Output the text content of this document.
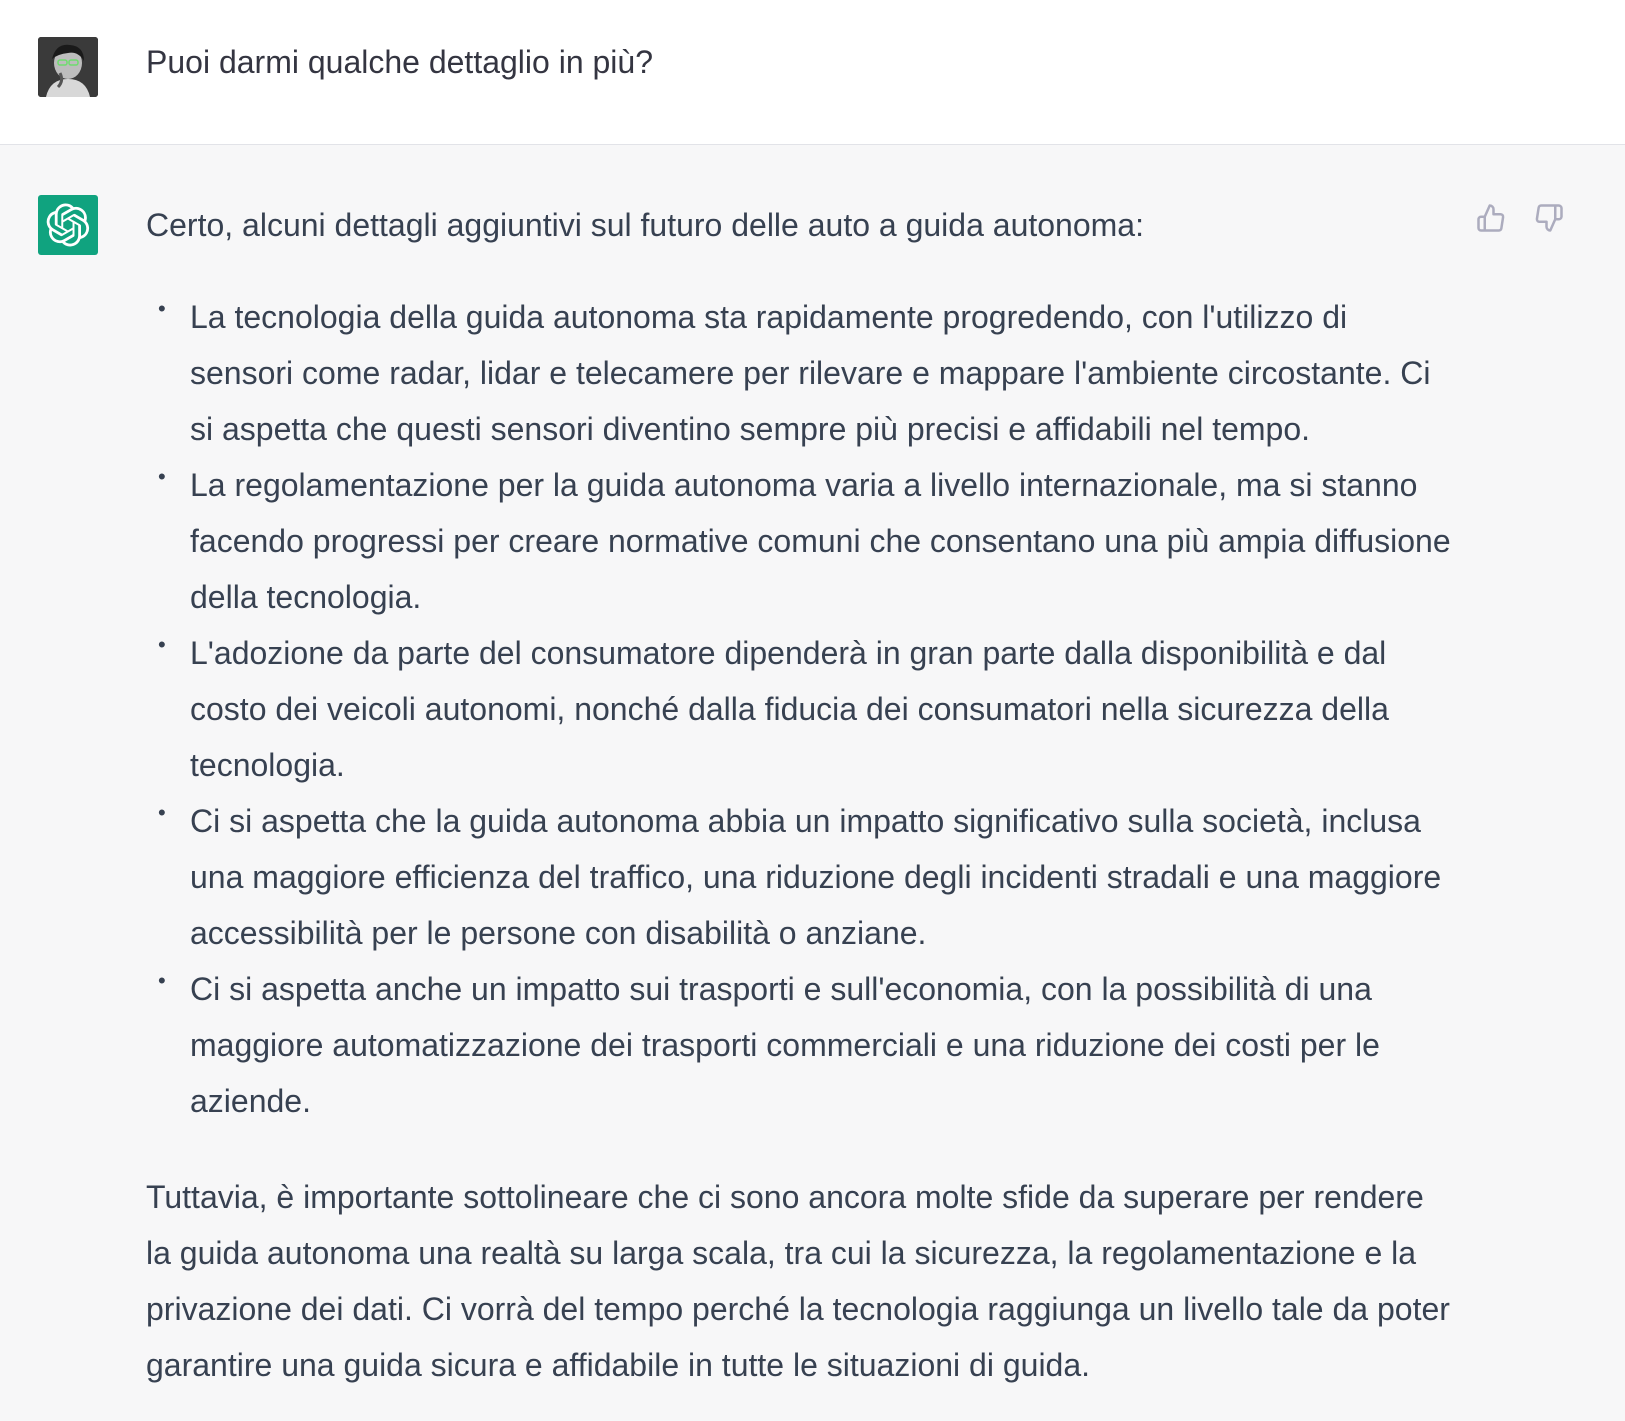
Puoi darmi qualche dettaglio in più?

Certo, alcuni dettagli aggiuntivi sul futuro delle auto a guida autonoma:

• La tecnologia della guida autonoma sta rapidamente progredendo, con l'utilizzo di sensori come radar, lidar e telecamere per rilevare e mappare l'ambiente circostante. Ci si aspetta che questi sensori diventino sempre più precisi e affidabili nel tempo.
• La regolamentazione per la guida autonoma varia a livello internazionale, ma si stanno facendo progressi per creare normative comuni che consentano una più ampia diffusione della tecnologia.
• L'adozione da parte del consumatore dipenderà in gran parte dalla disponibilità e dal costo dei veicoli autonomi, nonché dalla fiducia dei consumatori nella sicurezza della tecnologia.
• Ci si aspetta che la guida autonoma abbia un impatto significativo sulla società, inclusa una maggiore efficienza del traffico, una riduzione degli incidenti stradali e una maggiore accessibilità per le persone con disabilità o anziane.
• Ci si aspetta anche un impatto sui trasporti e sull'economia, con la possibilità di una maggiore automatizzazione dei trasporti commerciali e una riduzione dei costi per le aziende.

Tuttavia, è importante sottolineare che ci sono ancora molte sfide da superare per rendere la guida autonoma una realtà su larga scala, tra cui la sicurezza, la regolamentazione e la privazione dei dati. Ci vorrà del tempo perché la tecnologia raggiunga un livello tale da poter garantire una guida sicura e affidabile in tutte le situazioni di guida.
